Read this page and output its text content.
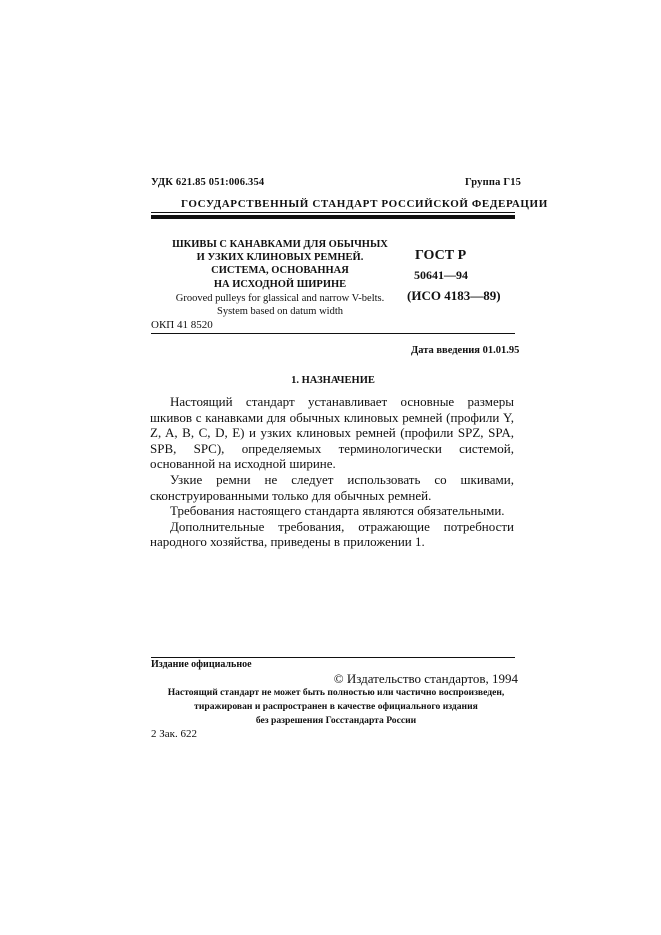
УДК 621.85 051:006.354	Группа Г15
ГОСУДАРСТВЕННЫЙ СТАНДАРТ РОССИЙСКОЙ ФЕДЕРАЦИИ
ШКИВЫ С КАНАВКАМИ ДЛЯ ОБЫЧНЫХ
И УЗКИХ КЛИНОВЫХ РЕМНЕЙ.
СИСТЕМА, ОСНОВАННАЯ
НА ИСХОДНОЙ ШИРИНЕ
Grooved pulleys for glassical and narrow V-belts.
System based on datum width
ГОСТ Р
50641—94
(ИСО 4183—89)
ОКП 41 8520
Дата введения 01.01.95
1. НАЗНАЧЕНИЕ

Настоящий стандарт устанавливает основные размеры шкивов с канавками для обычных клиновых ремней (профили Y, Z, A, B, C, D, E) и узких клиновых ремней (профили SPZ, SPA, SPB, SPC), определяемых терминологически системой, основанной на исходной ширине.

Узкие ремни не следует использовать со шкивами, сконструированными только для обычных ремней.

Требования настоящего стандарта являются обязательными.

Дополнительные требования, отражающие потребности народного хозяйства, приведены в приложении 1.

Издание официальное
© Издательство стандартов, 1994
Настоящий стандарт не может быть полностью или частично воспроизведен,
тиражирован и распространен в качестве официального издания
без разрешения Госстандарта России
2 Зак. 622
